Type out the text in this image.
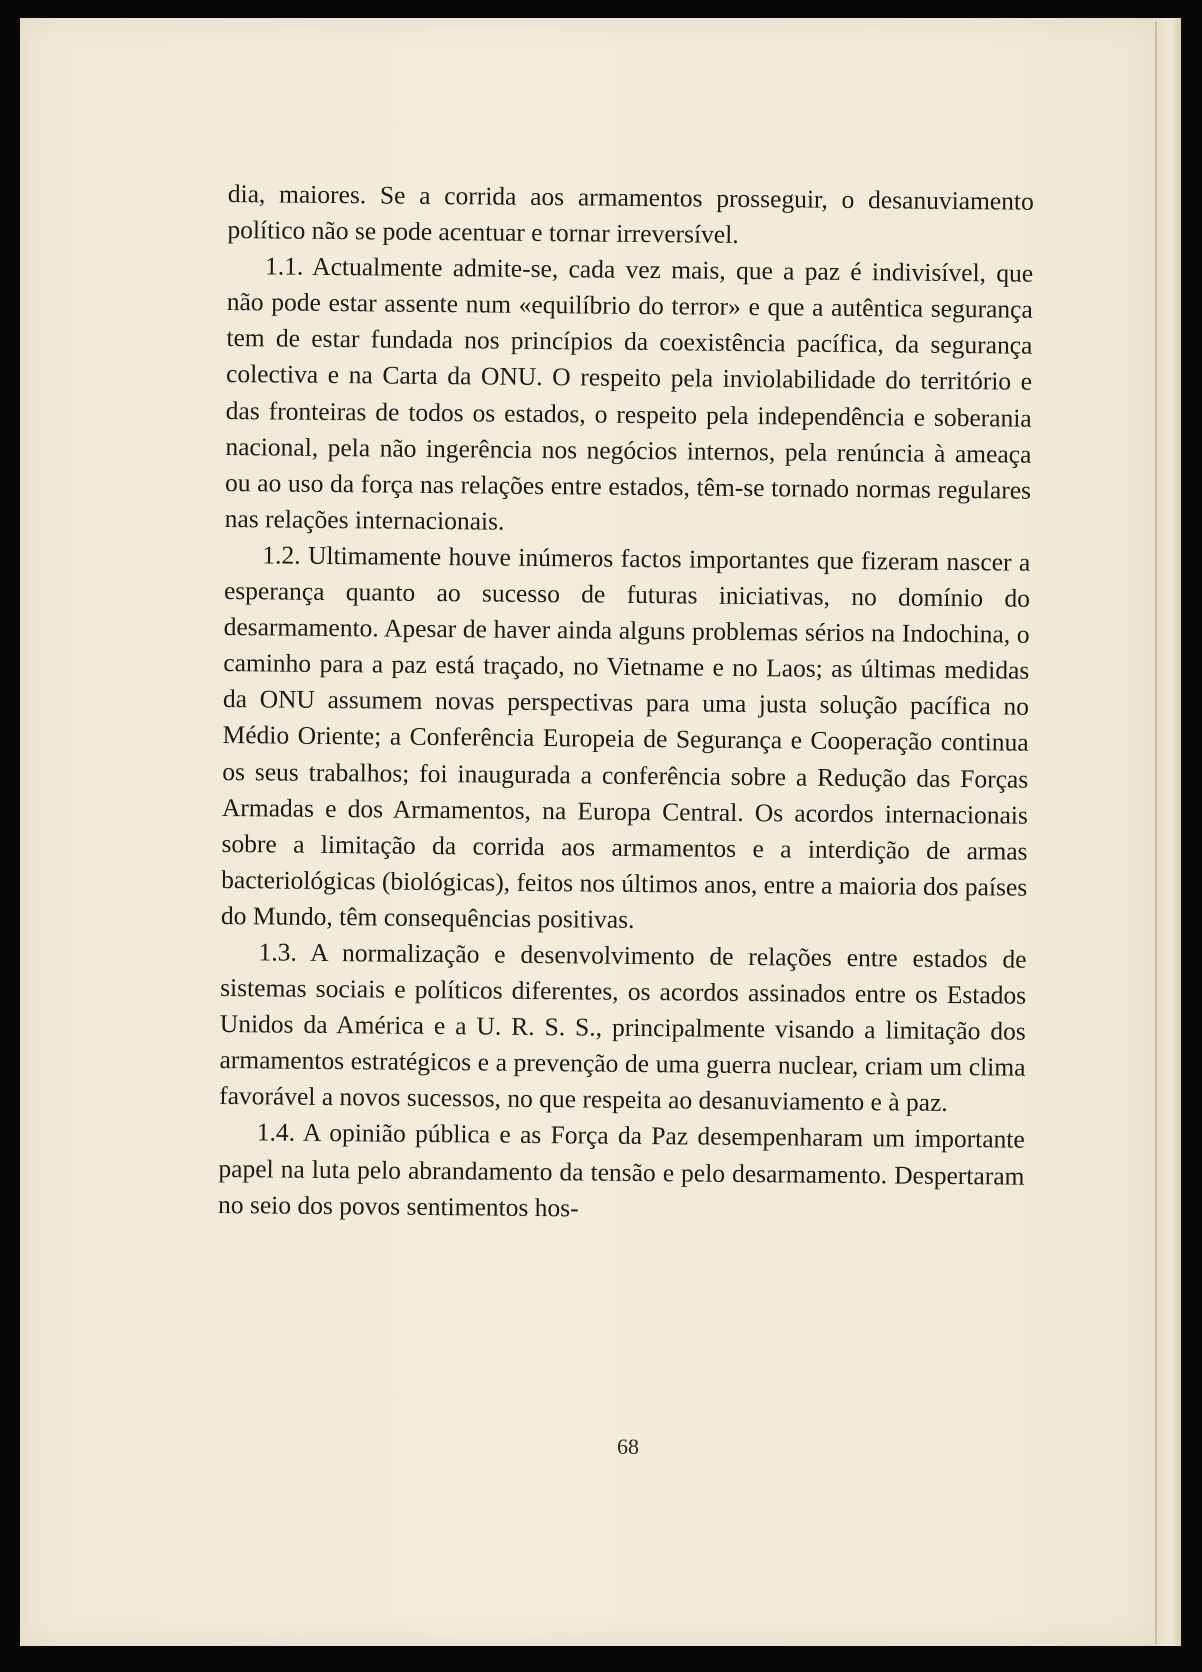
dia, maiores. Se a corrida aos armamentos prosseguir, o desanuviamento político não se pode acentuar e tornar irreversível.

1.1. Actualmente admite-se, cada vez mais, que a paz é indivisível, que não pode estar assente num «equilíbrio do terror» e que a autêntica segurança tem de estar fundada nos princípios da coexistência pacífica, da segurança colectiva e na Carta da ONU. O respeito pela inviolabilidade do território e das fronteiras de todos os estados, o respeito pela independência e soberania nacional, pela não ingerência nos negócios internos, pela renúncia à ameaça ou ao uso da força nas relações entre estados, têm-se tornado normas regulares nas relações internacionais.

1.2. Ultimamente houve inúmeros factos importantes que fizeram nascer a esperança quanto ao sucesso de futuras iniciativas, no domínio do desarmamento. Apesar de haver ainda alguns problemas sérios na Indochina, o caminho para a paz está traçado, no Vietname e no Laos; as últimas medidas da ONU assumem novas perspectivas para uma justa solução pacífica no Médio Oriente; a Conferência Europeia de Segurança e Cooperação continua os seus trabalhos; foi inaugurada a conferência sobre a Redução das Forças Armadas e dos Armamentos, na Europa Central. Os acordos internacionais sobre a limitação da corrida aos armamentos e a interdição de armas bacteriológicas (biológicas), feitos nos últimos anos, entre a maioria dos países do Mundo, têm consequências positivas.

1.3. A normalização e desenvolvimento de relações entre estados de sistemas sociais e políticos diferentes, os acordos assinados entre os Estados Unidos da América e a U. R. S. S., principalmente visando a limitação dos armamentos estratégicos e a prevenção de uma guerra nuclear, criam um clima favorável a novos sucessos, no que respeita ao desanuviamento e à paz.

1.4. A opinião pública e as Força da Paz desempenharam um importante papel na luta pelo abrandamento da tensão e pelo desarmamento. Despertaram no seio dos povos sentimentos hos-

68
